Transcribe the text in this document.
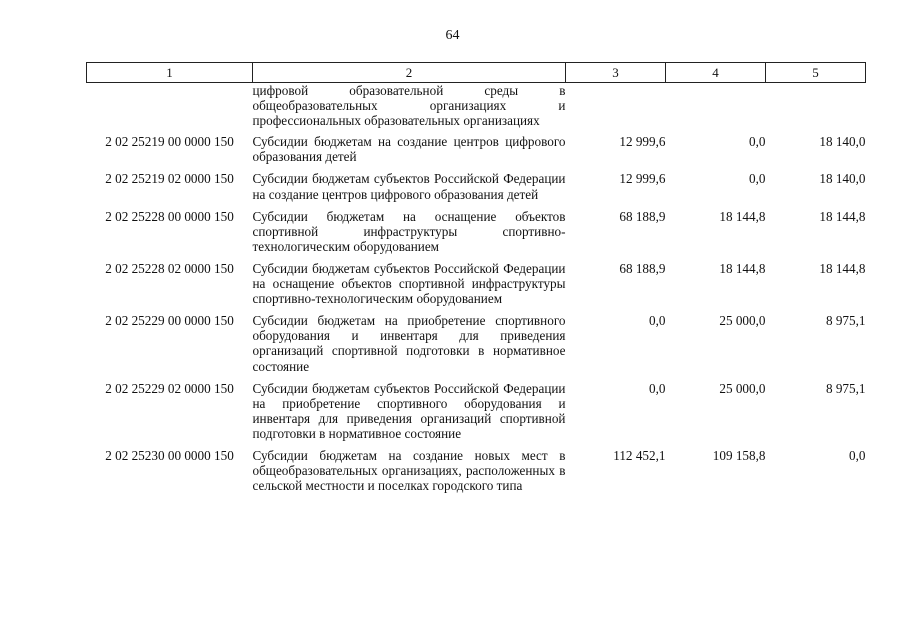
64
1	2	3	4	5
	цифровой образовательной среды в общеобразовательных организациях и профессиональных образовательных организациях			
2 02 25219 00 0000 150	Субсидии бюджетам на создание центров цифрового образования детей	12 999,6	0,0	18 140,0
2 02 25219 02 0000 150	Субсидии бюджетам субъектов Российской Федерации на создание центров цифрового образования детей	12 999,6	0,0	18 140,0
2 02 25228 00 0000 150	Субсидии бюджетам на оснащение объектов спортивной инфраструктуры спортивно-технологическим оборудованием	68 188,9	18 144,8	18 144,8
2 02 25228 02 0000 150	Субсидии бюджетам субъектов Российской Федерации на оснащение объектов спортивной инфраструктуры спортивно-технологическим оборудованием	68 188,9	18 144,8	18 144,8
2 02 25229 00 0000 150	Субсидии бюджетам на приобретение спортивного оборудования и инвентаря для приведения организаций спортивной подготовки в нормативное состояние	0,0	25 000,0	8 975,1
2 02 25229 02 0000 150	Субсидии бюджетам субъектов Российской Федерации на приобретение спортивного оборудования и инвентаря для приведения организаций спортивной подготовки в нормативное состояние	0,0	25 000,0	8 975,1
2 02 25230 00 0000 150	Субсидии бюджетам на создание новых мест в общеобразовательных организациях, расположенных в сельской местности и поселках городского типа	112 452,1	109 158,8	0,0
